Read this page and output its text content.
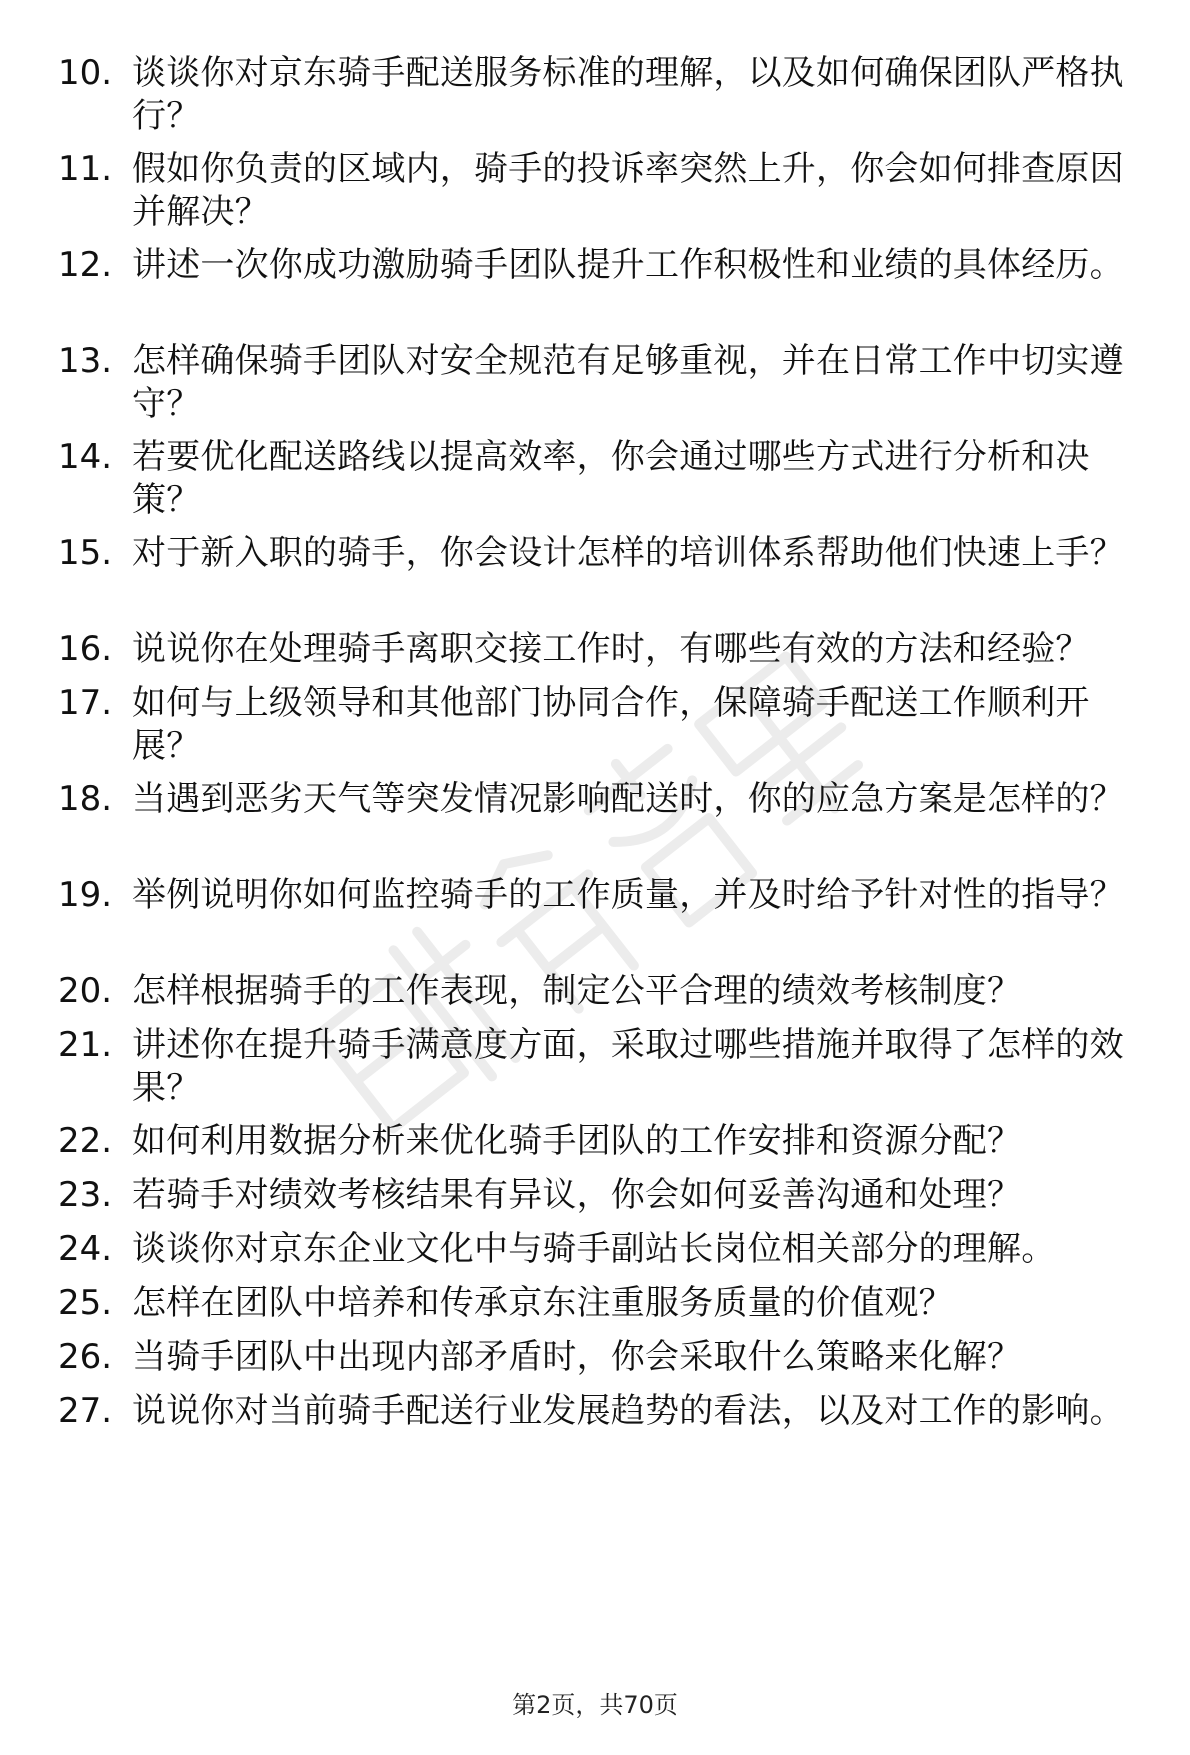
10. 谈谈你对京东骑手配送服务标准的理解，以及如何确保团队严格执行？
11. 假如你负责的区域内，骑手的投诉率突然上升，你会如何排查原因并解决？
12. 讲述一次你成功激励骑手团队提升工作积极性和业绩的具体经历。
13. 怎样确保骑手团队对安全规范有足够重视，并在日常工作中切实遵守？
14. 若要优化配送路线以提高效率，你会通过哪些方式进行分析和决策？
15. 对于新入职的骑手，你会设计怎样的培训体系帮助他们快速上手？
16. 说说你在处理骑手离职交接工作时，有哪些有效的方法和经验？
17. 如何与上级领导和其他部门协同合作，保障骑手配送工作顺利开展？
18. 当遇到恶劣天气等突发情况影响配送时，你的应急方案是怎样的？
19. 举例说明你如何监控骑手的工作质量，并及时给予针对性的指导？
20. 怎样根据骑手的工作表现，制定公平合理的绩效考核制度？
21. 讲述你在提升骑手满意度方面，采取过哪些措施并取得了怎样的效果？
22. 如何利用数据分析来优化骑手团队的工作安排和资源分配？
23. 若骑手对绩效考核结果有异议，你会如何妥善沟通和处理？
24. 谈谈你对京东企业文化中与骑手副站长岗位相关部分的理解。
25. 怎样在团队中培养和传承京东注重服务质量的价值观？
26. 当骑手团队中出现内部矛盾时，你会采取什么策略来化解？
27. 说说你对当前骑手配送行业发展趋势的看法，以及对工作的影响。
第2页，共70页
